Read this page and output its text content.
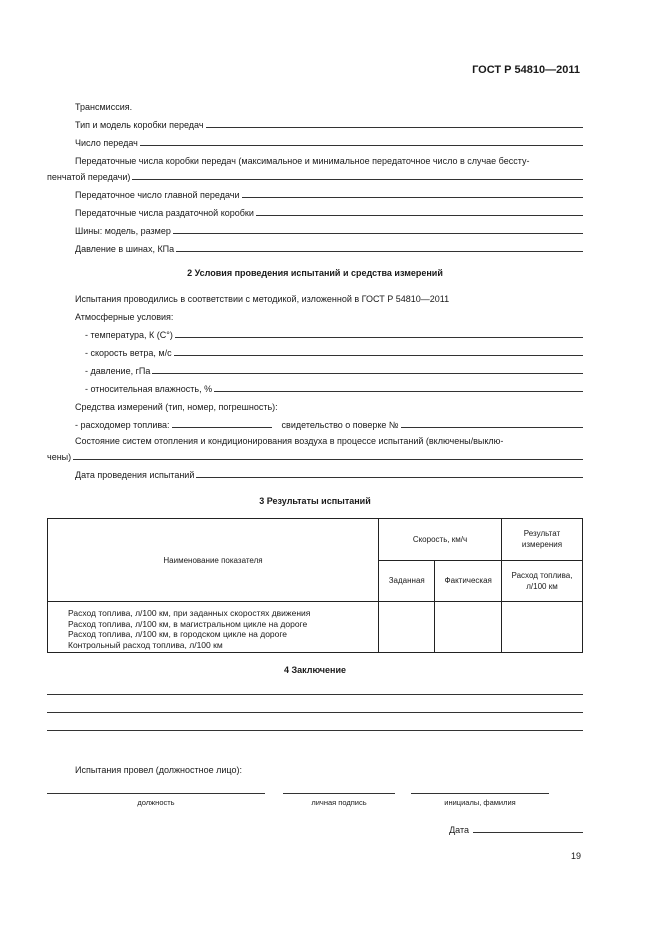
ГОСТ Р 54810—2011
Трансмиссия.
Тип и модель коробки передач
Число передач
Передаточные числа коробки передач (максимальное и минимальное передаточное число в случае бессту-
пенчатой передачи)
Передаточное число главной передачи
Передаточные числа раздаточной коробки
Шины: модель, размер
Давление в шинах, КПа
2 Условия проведения испытаний и средства измерений
Испытания проводились в соответствии с методикой, изложенной в ГОСТ Р 54810—2011
Атмосферные условия:
- температура, К (С°)
- скорость ветра, м/с
- давление, гПа
- относительная влажность, %
Средства измерений (тип, номер, погрешность):
- расходомер топлива:	свидетельство о поверке №
Состояние систем отопления и кондиционирования воздуха в процессе испытаний (включены/выклю-
чены)
Дата проведения испытаний
3 Результаты испытаний
Наименование показателя	Скорость, км/ч		Результат измерения
	Заданная	Фактическая	Расход топлива, л/100 км

Расход топлива, л/100 км, при заданных скоростях движения
Расход топлива, л/100 км, в магистральном цикле на дороге
Расход топлива, л/100 км, в городском цикле на дороге
Контрольный расход топлива, л/100 км			

4 Заключение
Испытания провел (должностное лицо):
должность	личная подпись	инициалы, фамилия
Дата
19
